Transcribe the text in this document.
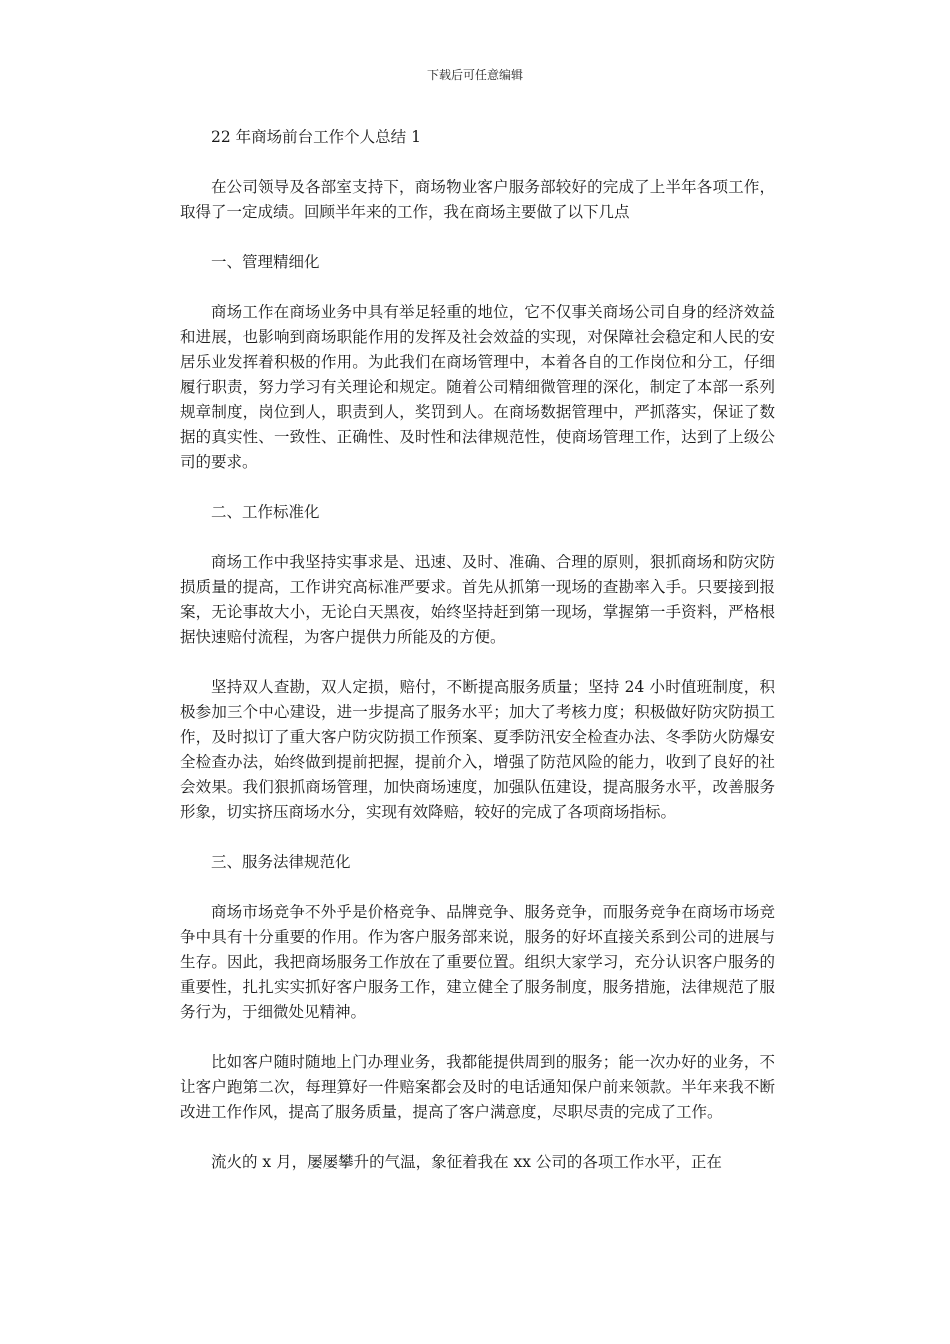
下载后可任意编辑

22 年商场前台工作个人总结 1

在公司领导及各部室支持下，商场物业客户服务部较好的完成了上半年各项工作，取得了一定成绩。回顾半年来的工作，我在商场主要做了以下几点

一、管理精细化

商场工作在商场业务中具有举足轻重的地位，它不仅事关商场公司自身的经济效益和进展，也影响到商场职能作用的发挥及社会效益的实现，对保障社会稳定和人民的安居乐业发挥着积极的作用。为此我们在商场管理中，本着各自的工作岗位和分工，仔细履行职责，努力学习有关理论和规定。随着公司精细微管理的深化，制定了本部一系列规章制度，岗位到人，职责到人，奖罚到人。在商场数据管理中，严抓落实，保证了数据的真实性、一致性、正确性、及时性和法律规范性，使商场管理工作，达到了上级公司的要求。

二、工作标准化

商场工作中我坚持实事求是、迅速、及时、准确、合理的原则，狠抓商场和防灾防损质量的提高，工作讲究高标准严要求。首先从抓第一现场的查勘率入手。只要接到报案，无论事故大小，无论白天黑夜，始终坚持赶到第一现场，掌握第一手资料，严格根据快速赔付流程，为客户提供力所能及的方便。

坚持双人查勘，双人定损，赔付，不断提高服务质量；坚持 24 小时值班制度，积极参加三个中心建设，进一步提高了服务水平；加大了考核力度；积极做好防灾防损工作，及时拟订了重大客户防灾防损工作预案、夏季防汛安全检查办法、冬季防火防爆安全检查办法，始终做到提前把握，提前介入，增强了防范风险的能力，收到了良好的社会效果。我们狠抓商场管理，加快商场速度，加强队伍建设，提高服务水平，改善服务形象，切实挤压商场水分，实现有效降赔，较好的完成了各项商场指标。

三、服务法律规范化

商场市场竞争不外乎是价格竞争、品牌竞争、服务竞争，而服务竞争在商场市场竞争中具有十分重要的作用。作为客户服务部来说，服务的好坏直接关系到公司的进展与生存。因此，我把商场服务工作放在了重要位置。组织大家学习，充分认识客户服务的重要性，扎扎实实抓好客户服务工作，建立健全了服务制度，服务措施，法律规范了服务行为，于细微处见精神。

比如客户随时随地上门办理业务，我都能提供周到的服务；能一次办好的业务，不让客户跑第二次，每理算好一件赔案都会及时的电话通知保户前来领款。半年来我不断改进工作作风，提高了服务质量，提高了客户满意度，尽职尽责的完成了工作。

流火的 x 月，屡屡攀升的气温，象征着我在 xx 公司的各项工作水平，正在
